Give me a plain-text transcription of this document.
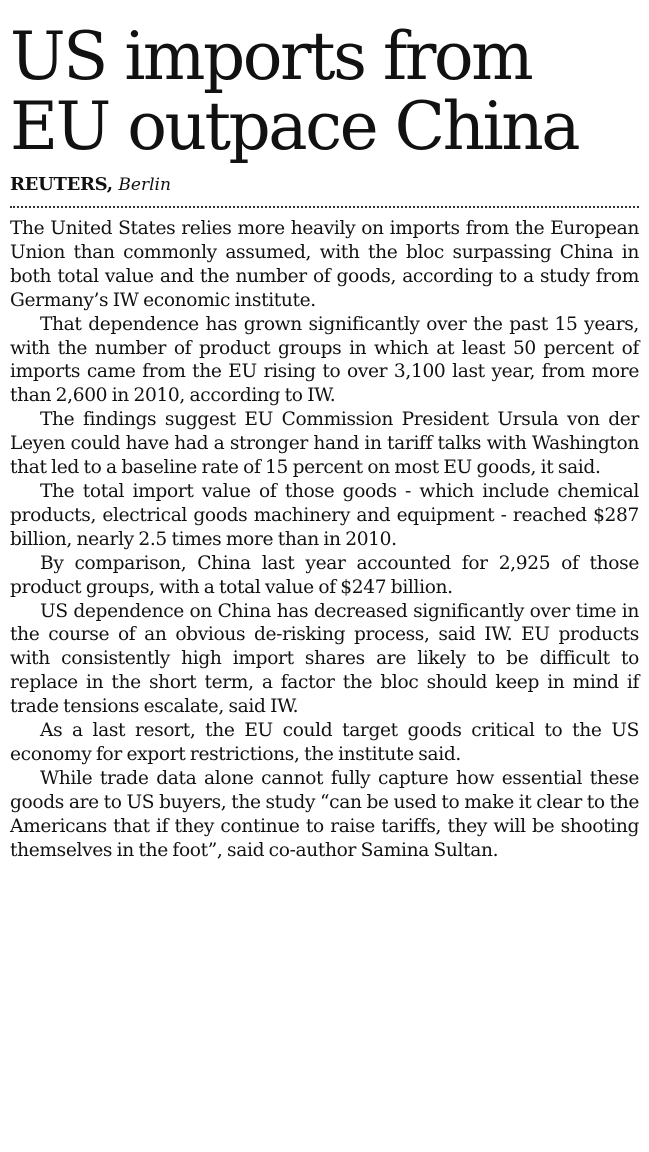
US imports from EU outpace China
REUTERS, Berlin

The United States relies more heavily on imports from the European Union than commonly assumed, with the bloc surpassing China in both total value and the number of goods, according to a study from Germany’s IW economic institute.

That dependence has grown significantly over the past 15 years, with the number of product groups in which at least 50 percent of imports came from the EU rising to over 3,100 last year, from more than 2,600 in 2010, according to IW.

The findings suggest EU Commission President Ursula von der Leyen could have had a stronger hand in tariff talks with Washington that led to a baseline rate of 15 percent on most EU goods, it said.

The total import value of those goods - which include chemical products, electrical goods machinery and equipment - reached $287 billion, nearly 2.5 times more than in 2010.

By comparison, China last year accounted for 2,925 of those product groups, with a total value of $247 billion.

US dependence on China has decreased significantly over time in the course of an obvious de-risking process, said IW. EU products with consistently high import shares are likely to be difficult to replace in the short term, a factor the bloc should keep in mind if trade tensions escalate, said IW.

As a last resort, the EU could target goods critical to the US economy for export restrictions, the institute said.

While trade data alone cannot fully capture how essential these goods are to US buyers, the study “can be used to make it clear to the Americans that if they continue to raise tariffs, they will be shooting themselves in the foot”, said co-author Samina Sultan.
